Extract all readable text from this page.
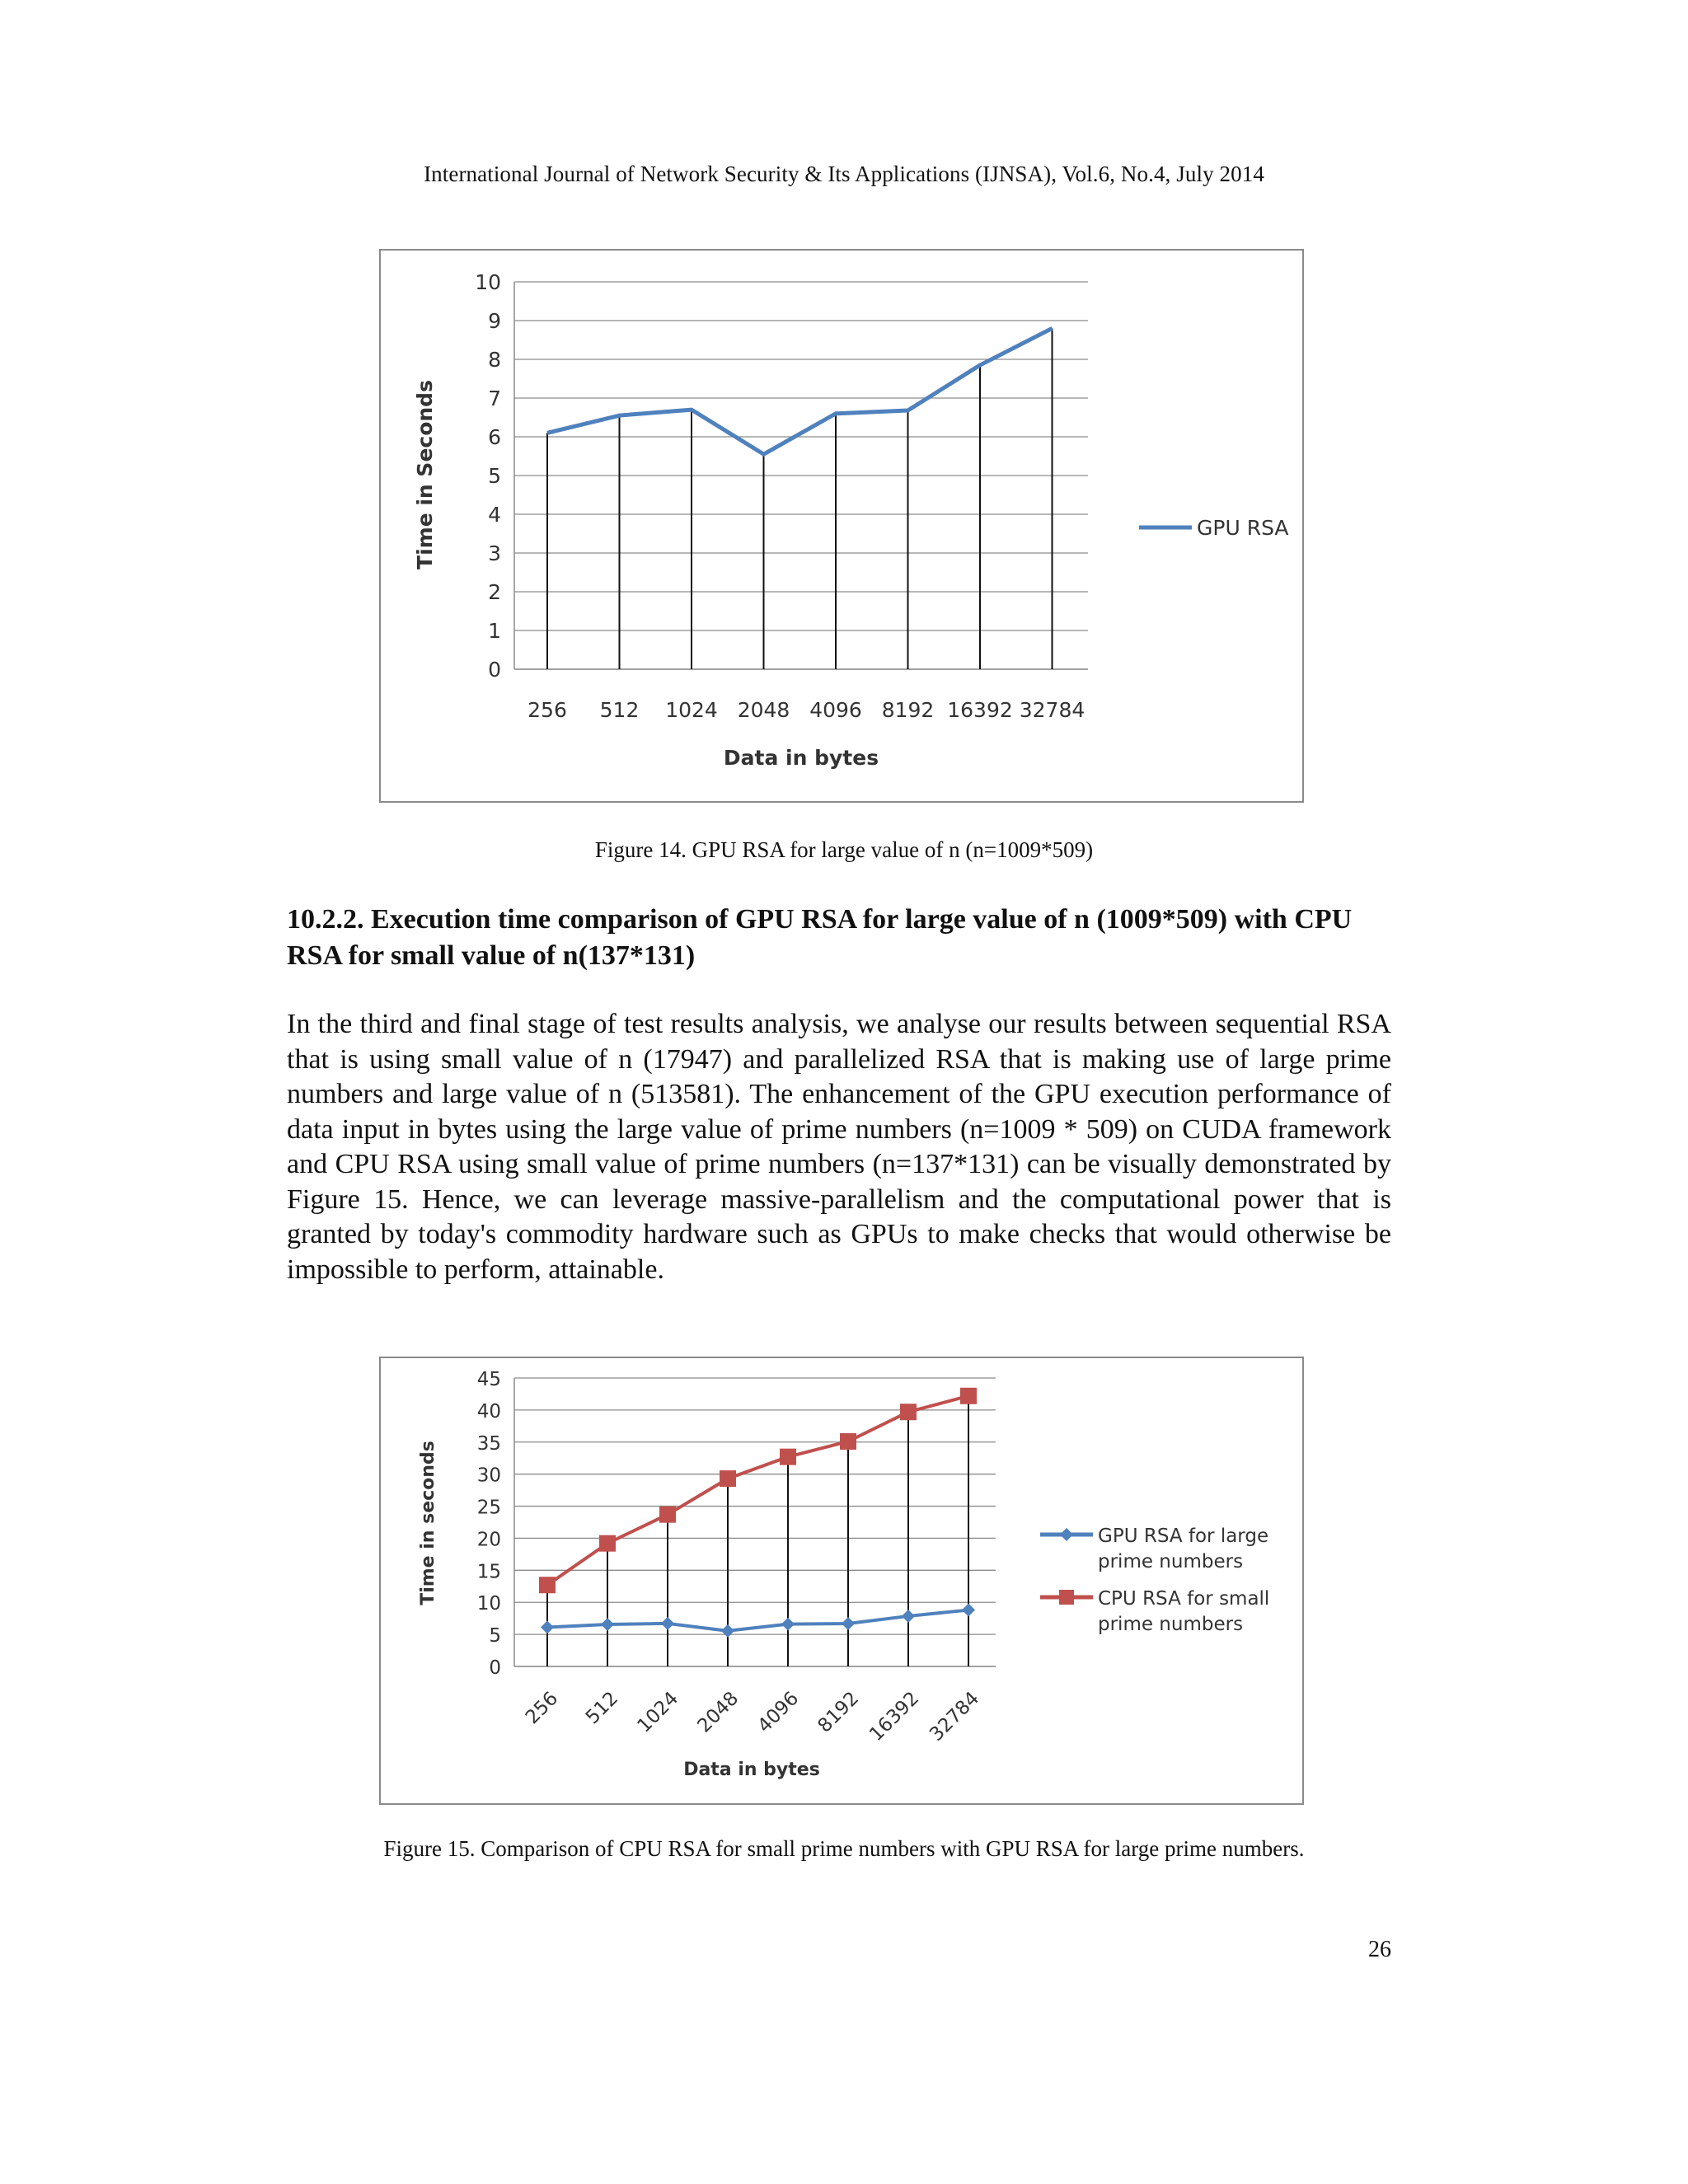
International Journal of Network Security & Its Applications (IJNSA), Vol.6, No.4, July 2014
0
1
2
3
4
5
6
7
8
9
10
256 512 1024 2048 4096 8192 16392 32784
Data in bytes
Time in Seconds	GPU RSA
Figure 14. GPU RSA for large value of n (n=1009*509)
10.2.2. Execution time comparison of GPU RSA for large value of n (1009*509) with CPU RSA for small value of n(137*131)
In the third and final stage of test results analysis, we analyse our results between sequential RSA that is using small value of n (17947) and parallelized RSA that is making use of large prime numbers and large value of n (513581). The enhancement of the GPU execution performance of data input in bytes using the large value of prime numbers (n=1009 * 509) on CUDA framework and CPU RSA using small value of prime numbers (n=137*131) can be visually demonstrated by Figure 15. Hence, we can leverage massive-parallelism and the computational power that is granted by today's commodity hardware such as GPUs to make checks that would otherwise be impossible to perform, attainable.
0
5
10
15
20
25
30
35
40
45
256 512 1024 2048 4096 8192 16392 32784
Data in bytes
Time in seconds	GPU RSA for large
prime numbers
CPU RSA for small
prime numbers
Figure 15. Comparison of CPU RSA for small prime numbers with GPU RSA for large prime numbers.
26
